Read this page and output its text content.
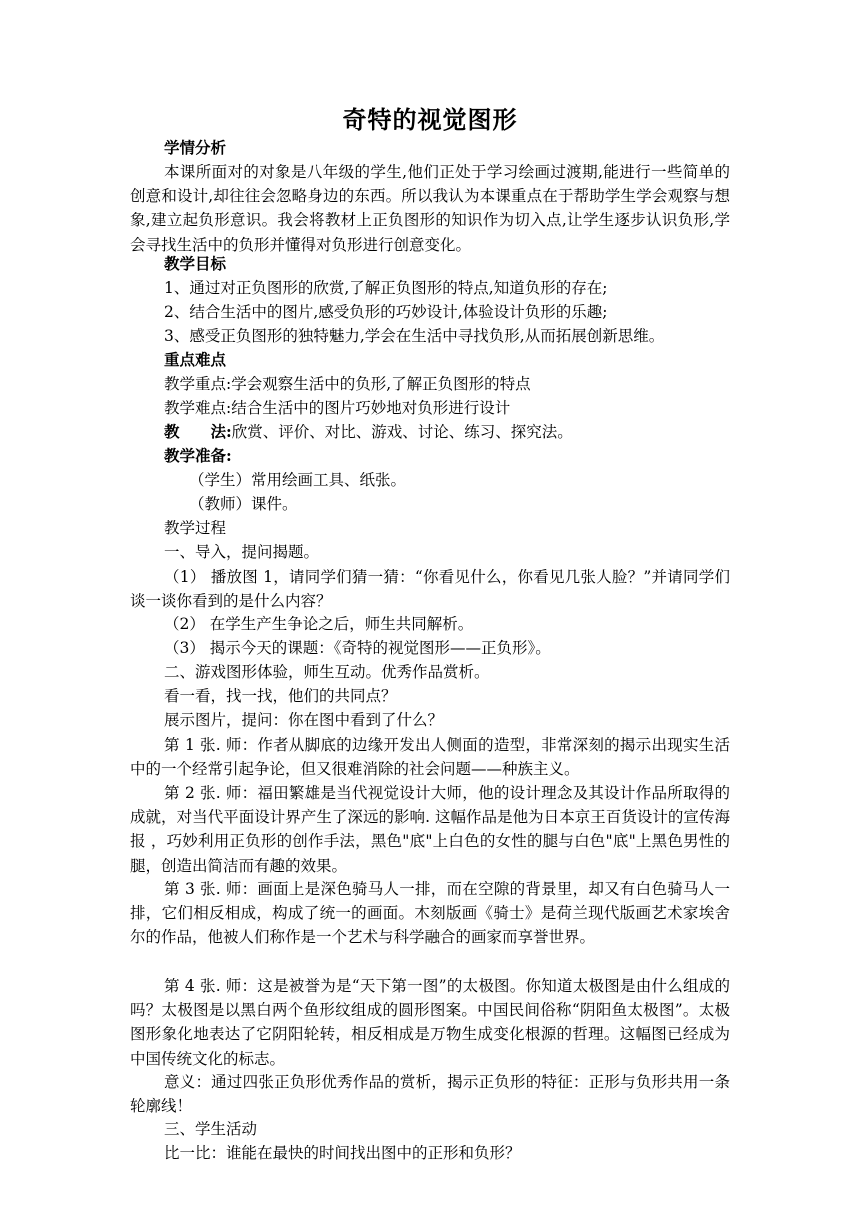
奇特的视觉图形
学情分析
本课所面对的对象是八年级的学生,他们正处于学习绘画过渡期,能进行一些简单的创意和设计,却往往会忽略身边的东西。所以我认为本课重点在于帮助学生学会观察与想象,建立起负形意识。我会将教材上正负图形的知识作为切入点,让学生逐步认识负形,学会寻找生活中的负形并懂得对负形进行创意变化。
教学目标
1、通过对正负图形的欣赏,了解正负图形的特点,知道负形的存在;
2、结合生活中的图片,感受负形的巧妙设计,体验设计负形的乐趣;
3、感受正负图形的独特魅力,学会在生活中寻找负形,从而拓展创新思维。
重点难点
教学重点:学会观察生活中的负形,了解正负图形的特点
教学难点:结合生活中的图片巧妙地对负形进行设计
教　　法:欣赏、评价、对比、游戏、讨论、练习、探究法。
教学准备:
（学生）常用绘画工具、纸张。
（教师）课件。
教学过程
一、导入，提问揭题。
（1） 播放图 1，请同学们猜一猜：“你看见什么，你看见几张人脸？”并请同学们谈一谈你看到的是什么内容？
（2） 在学生产生争论之后，师生共同解析。
（3） 揭示今天的课题：《奇特的视觉图形——正负形》。
二、游戏图形体验，师生互动。优秀作品赏析。
看一看，找一找，他们的共同点？
展示图片，提问：你在图中看到了什么？
第 1 张. 师：作者从脚底的边缘开发出人侧面的造型，非常深刻的揭示出现实生活中的一个经常引起争论，但又很难消除的社会问题——种族主义。
第 2 张. 师：福田繁雄是当代视觉设计大师，他的设计理念及其设计作品所取得的成就，对当代平面设计界产生了深远的影响. 这幅作品是他为日本京王百货设计的宣传海报 ，巧妙利用正负形的创作手法，黑色"底"上白色的女性的腿与白色"底"上黑色男性的腿，创造出简洁而有趣的效果。
第 3 张. 师：画面上是深色骑马人一排，而在空隙的背景里，却又有白色骑马人一排，它们相反相成，构成了统一的画面。木刻版画《骑士》是荷兰现代版画艺术家埃舍尔的作品，他被人们称作是一个艺术与科学融合的画家而享誉世界。
第 4 张. 师：这是被誉为是“天下第一图”的太极图。你知道太极图是由什么组成的吗？太极图是以黑白两个鱼形纹组成的圆形图案。中国民间俗称“阴阳鱼太极图”。太极图形象化地表达了它阴阳轮转，相反相成是万物生成变化根源的哲理。这幅图已经成为中国传统文化的标志。
意义：通过四张正负形优秀作品的赏析，揭示正负形的特征：正形与负形共用一条轮廓线！
三、学生活动
比一比：谁能在最快的时间找出图中的正形和负形？
